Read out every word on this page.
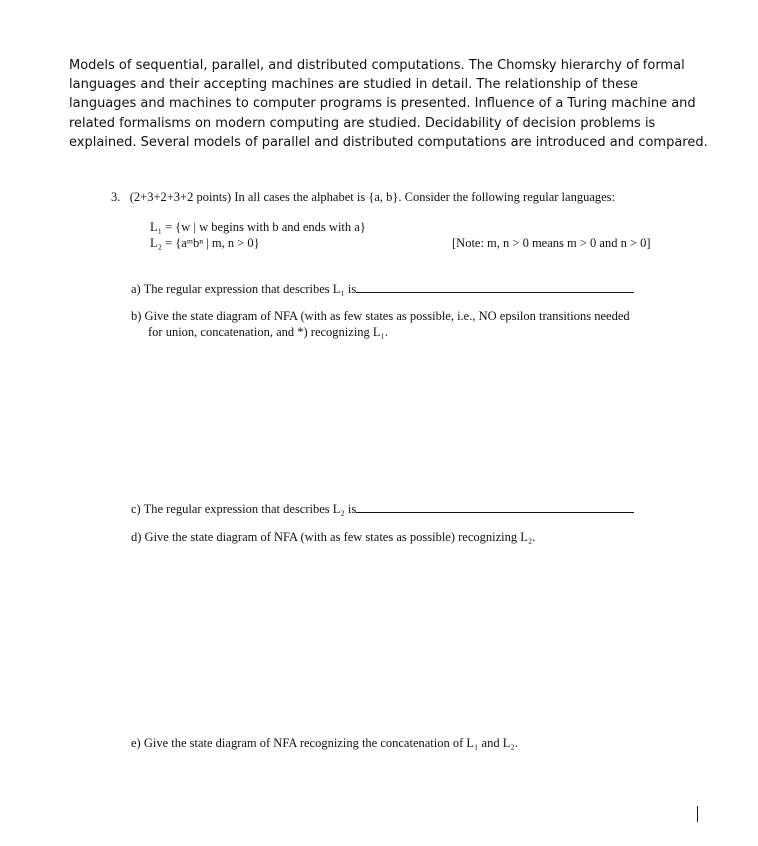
Models of sequential, parallel, and distributed computations. The Chomsky hierarchy of formal languages and their accepting machines are studied in detail. The relationship of these languages and machines to computer programs is presented. Influence of a Turing machine and related formalisms on modern computing are studied. Decidability of decision problems is explained. Several models of parallel and distributed computations are introduced and compared.
3. (2+3+2+3+2 points) In all cases the alphabet is {a, b}. Consider the following regular languages:
L₁ = {w | w begins with b and ends with a}
L₂ = {aᵐbⁿ | m, n > 0}	[Note: m, n > 0 means m > 0 and n > 0]
a) The regular expression that describes L₁ is
b) Give the state diagram of NFA (with as few states as possible, i.e., NO epsilon transitions needed
for union, concatenation, and *) recognizing L₁.
c) The regular expression that describes L₂ is
d) Give the state diagram of NFA (with as few states as possible) recognizing L₂.
e) Give the state diagram of NFA recognizing the concatenation of L₁ and L₂.
